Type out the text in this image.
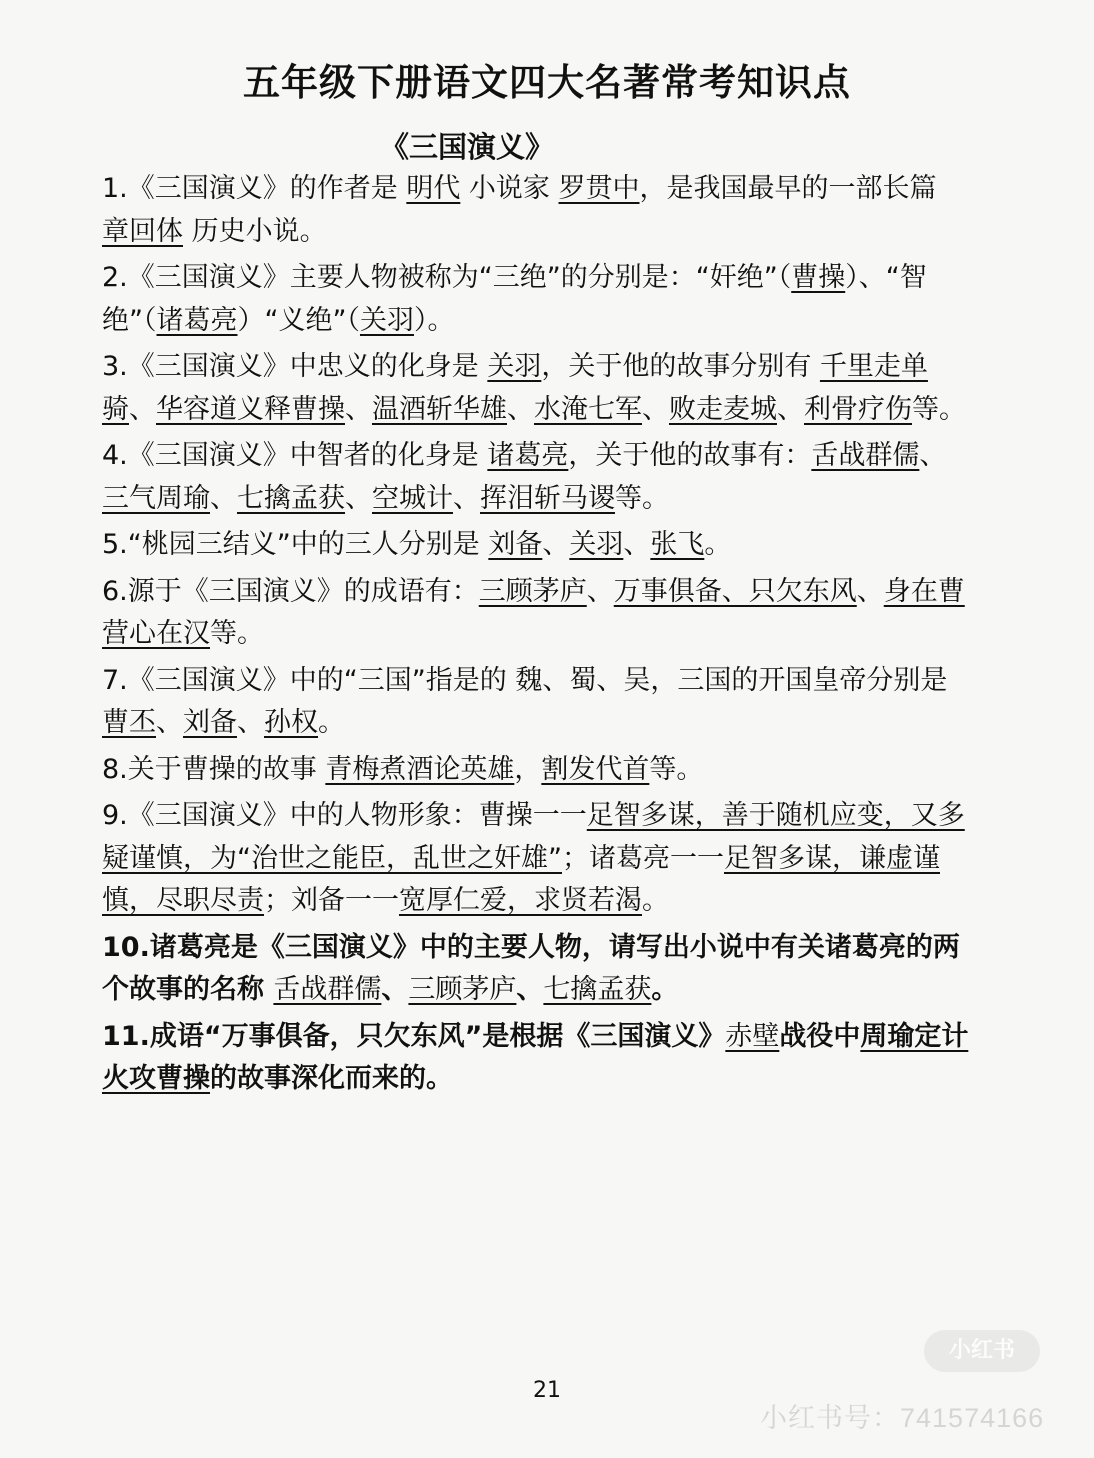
五年级下册语文四大名著常考知识点
《三国演义》

1.《三国演义》的作者是 明代 小说家 罗贯中，是我国最早的一部长篇 章回体 历史小说。

2.《三国演义》主要人物被称为“三绝”的分别是：“奸绝”（曹操）、“智绝”（诸葛亮）“义绝”（关羽）。

3.《三国演义》中忠义的化身是 关羽，关于他的故事分别有 千里走单骑、华容道义释曹操、温酒斩华雄、水淹七军、败走麦城、利骨疗伤等。

4.《三国演义》中智者的化身是 诸葛亮，关于他的故事有：舌战群儒、三气周瑜、七擒孟获、空城计、挥泪斩马谡等。

5.“桃园三结义”中的三人分别是 刘备、关羽、张飞。

6.源于《三国演义》的成语有：三顾茅庐、万事俱备、只欠东风、身在曹营心在汉等。

7.《三国演义》中的“三国”指是的 魏、蜀、吴，三国的开国皇帝分别是 曹丕、刘备、孙权。

8.关于曹操的故事 青梅煮酒论英雄，割发代首等。

9.《三国演义》中的人物形象：曹操一一足智多谋，善于随机应变，又多疑谨慎，为“治世之能臣，乱世之奸雄”；诸葛亮一一足智多谋，谦虚谨慎，尽职尽责；刘备一一宽厚仁爱，求贤若渴。

10.诸葛亮是《三国演义》中的主要人物，请写出小说中有关诸葛亮的两个故事的名称 舌战群儒、三顾茅庐、七擒孟获。

11.成语“万事俱备，只欠东风”是根据《三国演义》赤壁战役中周瑜定计火攻曹操的故事深化而来的。

21
小红书
小红书号：741574166
